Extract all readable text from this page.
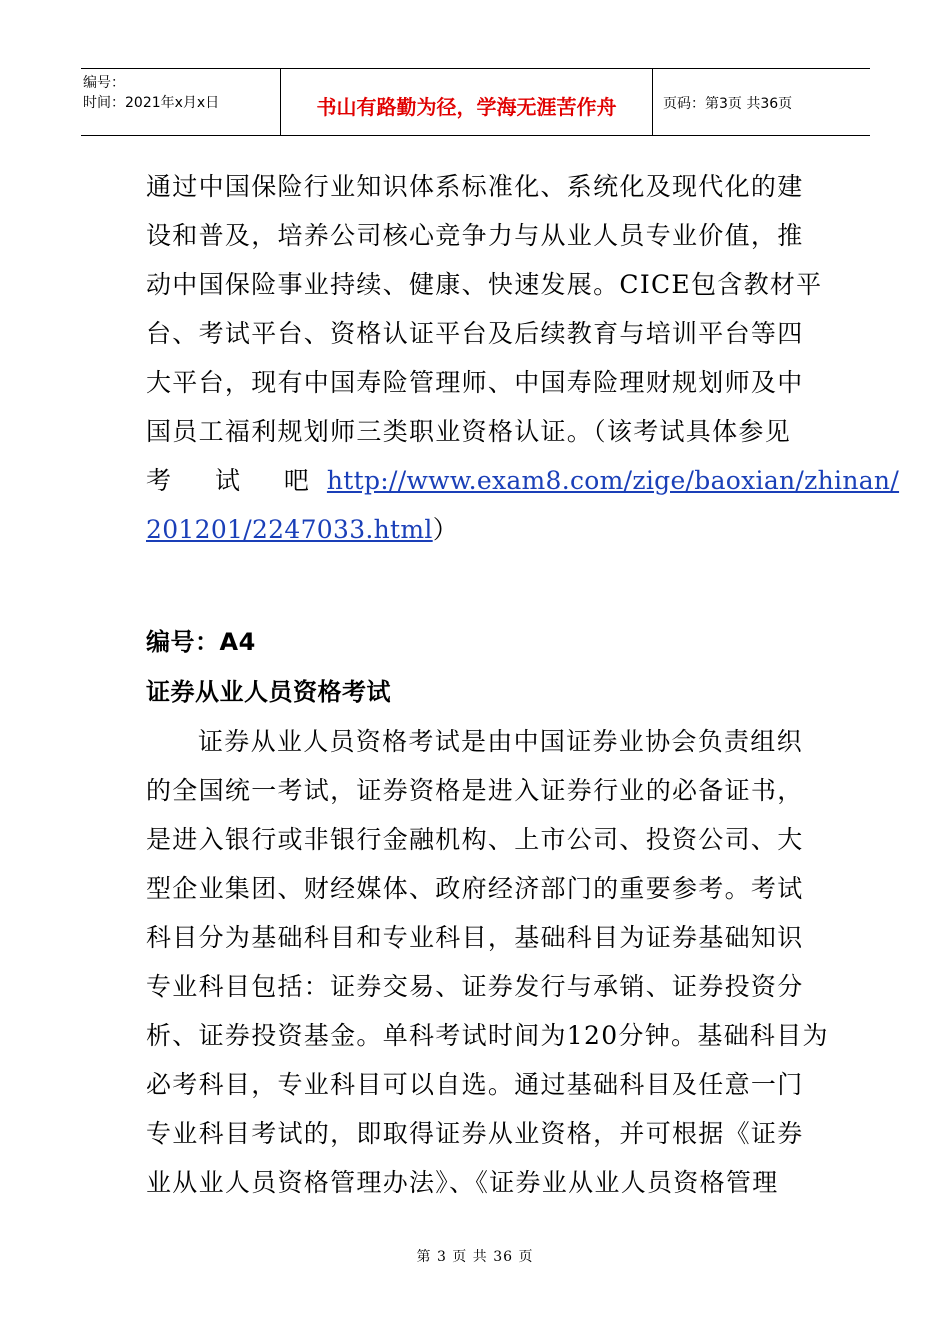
编号：
时间：2021年x月x日	书山有路勤为径，学海无涯苦作舟	页码：第3页 共36页
通过中国保险行业知识体系标准化、系统化及现代化的建
设和普及，培养公司核心竞争力与从业人员专业价值，推
动中国保险事业持续、健康、快速发展。CICE包含教材平
台、考试平台、资格认证平台及后续教育与培训平台等四
大平台，现有中国寿险管理师、中国寿险理财规划师及中
国员工福利规划师三类职业资格认证。（该考试具体参见
考 试 吧 http://www.exam8.com/zige/baoxian/zhinan/
201201/2247033.html）
编号：A4
证券从业人员资格考试
证券从业人员资格考试是由中国证券业协会负责组织
的全国统一考试，证券资格是进入证券行业的必备证书，
是进入银行或非银行金融机构、上市公司、投资公司、大
型企业集团、财经媒体、政府经济部门的重要参考。考试
科目分为基础科目和专业科目，基础科目为证券基础知识
专业科目包括：证券交易、证券发行与承销、证券投资分
析、证券投资基金。单科考试时间为120分钟。基础科目为
必考科目，专业科目可以自选。通过基础科目及任意一门
专业科目考试的，即取得证券从业资格，并可根据《证券
业从业人员资格管理办法》、《证券业从业人员资格管理
第 3 页 共 36 页
